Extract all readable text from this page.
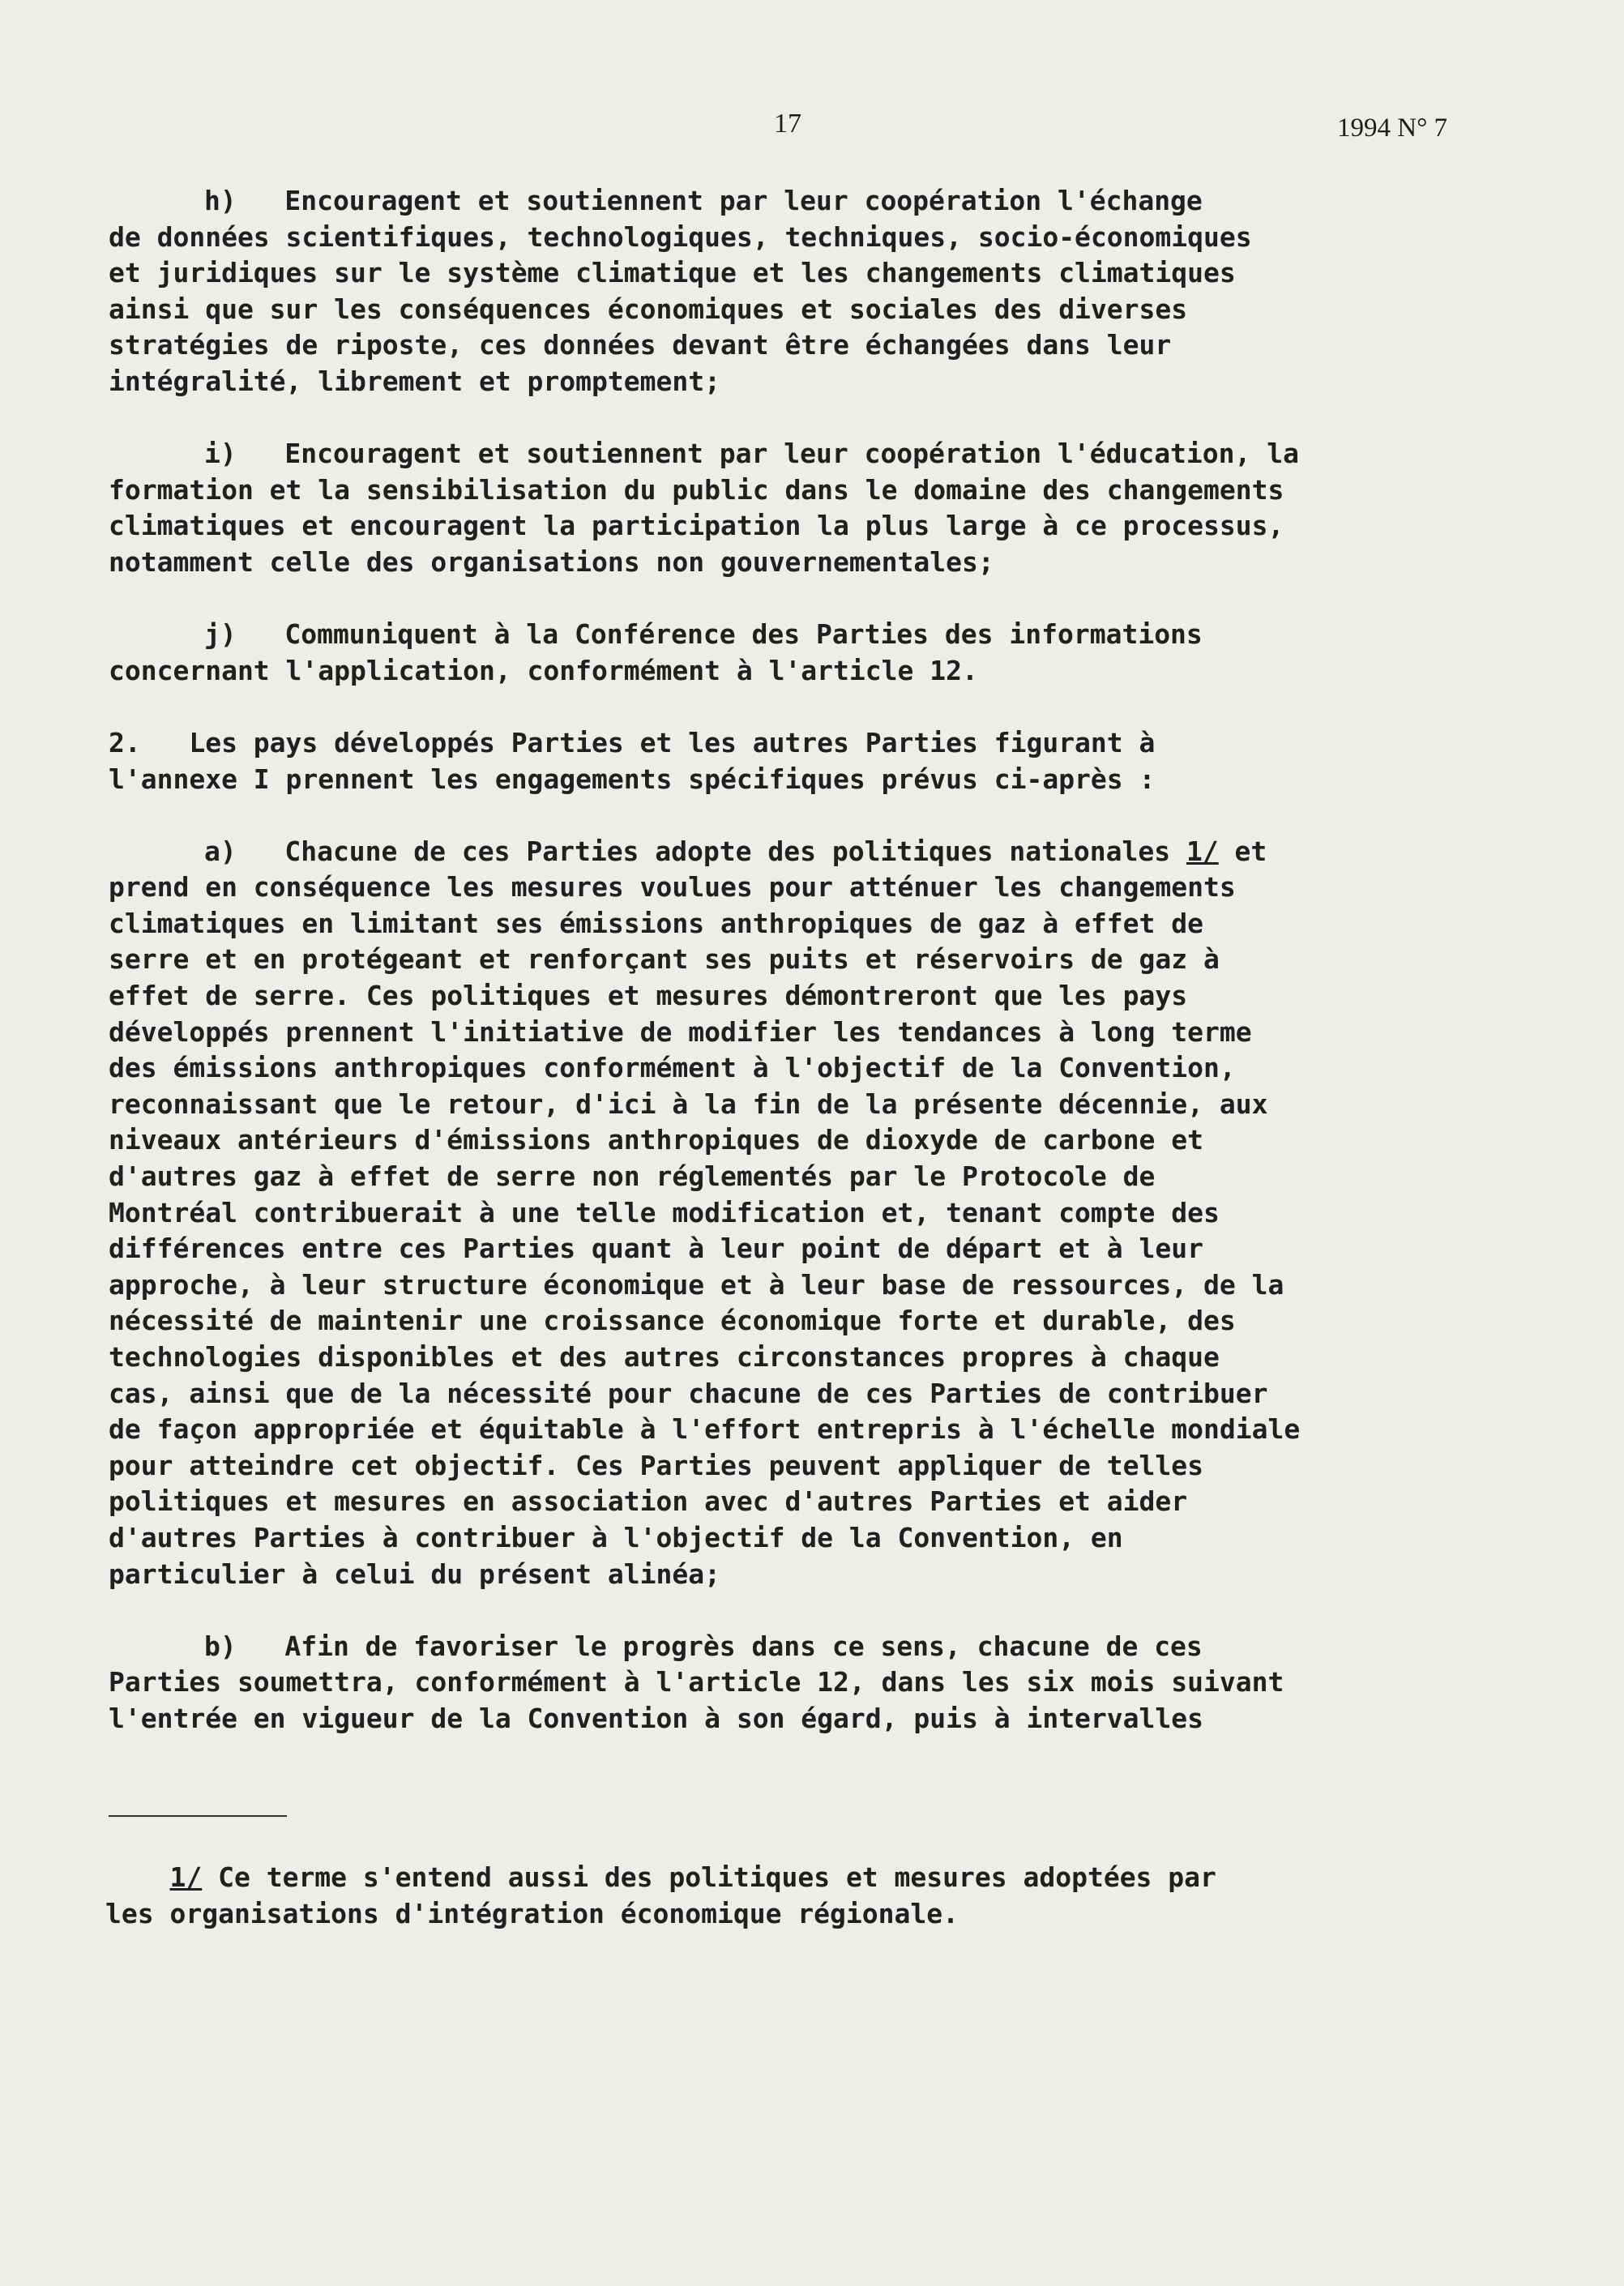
17	1994 N° 7
h)   Encouragent et soutiennent par leur coopération l'échange
de données scientifiques, technologiques, techniques, socio-économiques
et juridiques sur le système climatique et les changements climatiques
ainsi que sur les conséquences économiques et sociales des diverses
stratégies de riposte, ces données devant être échangées dans leur
intégralité, librement et promptement;
i)   Encouragent et soutiennent par leur coopération l'éducation, la
formation et la sensibilisation du public dans le domaine des changements
climatiques et encouragent la participation la plus large à ce processus,
notamment celle des organisations non gouvernementales;
j)   Communiquent à la Conférence des Parties des informations
concernant l'application, conformément à l'article 12.
2.   Les pays développés Parties et les autres Parties figurant à
l'annexe I prennent les engagements spécifiques prévus ci-après :
a)   Chacune de ces Parties adopte des politiques nationales 1/ et
prend en conséquence les mesures voulues pour atténuer les changements
climatiques en limitant ses émissions anthropiques de gaz à effet de
serre et en protégeant et renforçant ses puits et réservoirs de gaz à
effet de serre. Ces politiques et mesures démontreront que les pays
développés prennent l'initiative de modifier les tendances à long terme
des émissions anthropiques conformément à l'objectif de la Convention,
reconnaissant que le retour, d'ici à la fin de la présente décennie, aux
niveaux antérieurs d'émissions anthropiques de dioxyde de carbone et
d'autres gaz à effet de serre non réglementés par le Protocole de
Montréal contribuerait à une telle modification et, tenant compte des
différences entre ces Parties quant à leur point de départ et à leur
approche, à leur structure économique et à leur base de ressources, de la
nécessité de maintenir une croissance économique forte et durable, des
technologies disponibles et des autres circonstances propres à chaque
cas, ainsi que de la nécessité pour chacune de ces Parties de contribuer
de façon appropriée et équitable à l'effort entrepris à l'échelle mondiale
pour atteindre cet objectif. Ces Parties peuvent appliquer de telles
politiques et mesures en association avec d'autres Parties et aider
d'autres Parties à contribuer à l'objectif de la Convention, en
particulier à celui du présent alinéa;
b)   Afin de favoriser le progrès dans ce sens, chacune de ces
Parties soumettra, conformément à l'article 12, dans les six mois suivant
l'entrée en vigueur de la Convention à son égard, puis à intervalles
1/ Ce terme s'entend aussi des politiques et mesures adoptées par
les organisations d'intégration économique régionale.
